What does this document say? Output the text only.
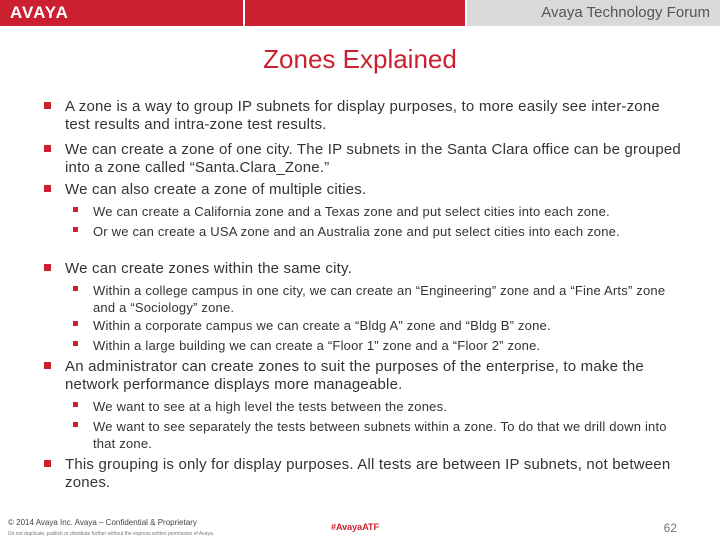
AVAYA	Avaya Technology Forum
Zones Explained
A zone is a way to group IP subnets for display purposes, to more easily see inter-zone test results and intra-zone test results.
We can create a zone of one city. The IP subnets in the Santa Clara office can be grouped into a zone called “Santa.Clara_Zone.”
We can also create a zone of multiple cities.
We can create a California zone and a Texas zone and put select cities into each zone.
Or we can create a USA zone and an Australia zone and put select cities into each zone.
We can create zones within the same city.
Within a college campus in one city, we can create an “Engineering” zone and a “Fine Arts” zone and a “Sociology” zone.
Within a corporate campus we can create a “Bldg A” zone and “Bldg B” zone.
Within a large building we can create a “Floor 1” zone and a “Floor 2” zone.
An administrator can create zones to suit the purposes of the enterprise, to make the network performance displays more manageable.
We want to see at a high level the tests between the zones.
We want to see separately the tests between subnets within a zone. To do that we drill down into that zone.
This grouping is only for display purposes. All tests are between IP subnets, not between zones.
© 2014 Avaya Inc. Avaya – Confidential & Proprietary
Do not duplicate, publish or distribute further without the express written permission of Avaya.
#AvayaATF	62
